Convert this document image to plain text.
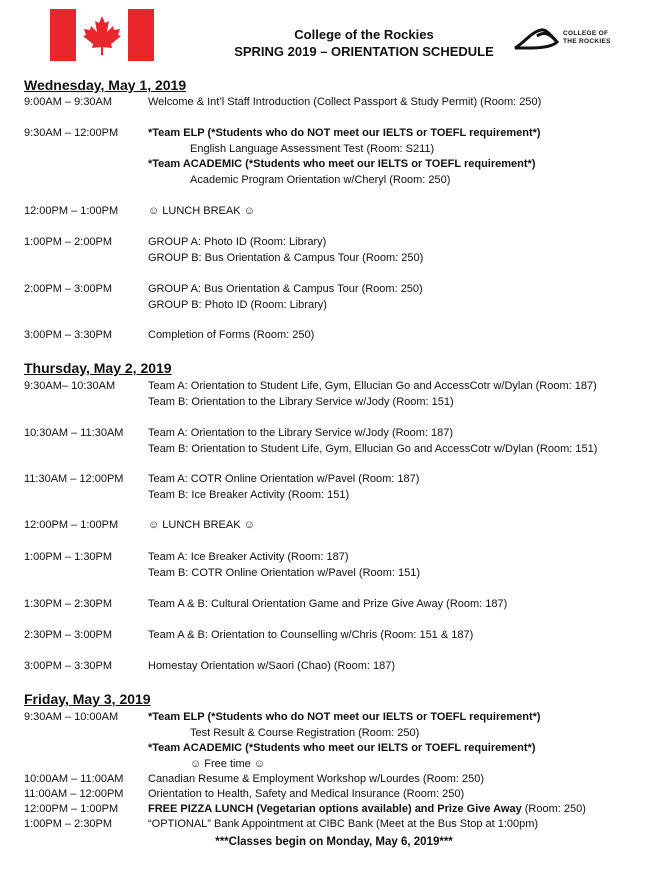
College of the Rockies
SPRING 2019 – ORIENTATION SCHEDULE
COLLEGE OF
THE ROCKIES
Wednesday, May 1, 2019
9:00AM – 9:30AM	Welcome & Int’l Staff Introduction (Collect Passport & Study Permit) (Room: 250)
9:30AM – 12:00PM	*Team ELP (*Students who do NOT meet our IELTS or TOEFL requirement*)
English Language Assessment Test (Room: S211)
*Team ACADEMIC (*Students who meet our IELTS or TOEFL requirement*)
Academic Program Orientation w/Cheryl (Room: 250)
12:00PM – 1:00PM	☺ LUNCH BREAK ☺
1:00PM – 2:00PM	GROUP A: Photo ID (Room: Library)
GROUP B: Bus Orientation & Campus Tour (Room: 250)
2:00PM – 3:00PM	GROUP A: Bus Orientation & Campus Tour (Room: 250)
GROUP B: Photo ID (Room: Library)
3:00PM – 3:30PM	Completion of Forms (Room: 250)
Thursday, May 2, 2019
9:30AM– 10:30AM	Team A: Orientation to Student Life, Gym, Ellucian Go and AccessCotr w/Dylan (Room: 187)
Team B: Orientation to the Library Service w/Jody (Room: 151)
10:30AM – 11:30AM Team A: Orientation to the Library Service w/Jody (Room: 187)
Team B: Orientation to Student Life, Gym, Ellucian Go and AccessCotr w/Dylan (Room: 151)
11:30AM – 12:00PM Team A: COTR Online Orientation w/Pavel (Room: 187)
Team B: Ice Breaker Activity (Room: 151)
12:00PM – 1:00PM	☺ LUNCH BREAK ☺
1:00PM – 1:30PM	Team A: Ice Breaker Activity (Room: 187)
Team B: COTR Online Orientation w/Pavel (Room: 151)
1:30PM – 2:30PM	Team A & B: Cultural Orientation Game and Prize Give Away (Room: 187)
2:30PM – 3:00PM	Team A & B: Orientation to Counselling w/Chris (Room: 151 & 187)
3:00PM – 3:30PM	Homestay Orientation w/Saori (Chao) (Room: 187)
Friday, May 3, 2019
9:30AM – 10:00AM	*Team ELP (*Students who do NOT meet our IELTS or TOEFL requirement*)
Test Result & Course Registration (Room: 250)
*Team ACADEMIC (*Students who meet our IELTS or TOEFL requirement*)
☺ Free time ☺
10:00AM – 11:00AM Canadian Resume & Employment Workshop w/Lourdes (Room: 250)
11:00AM – 12:00PM Orientation to Health, Safety and Medical Insurance (Room: 250)
12:00PM – 1:00PM	FREE PIZZA LUNCH (Vegetarian options available) and Prize Give Away (Room: 250)
1:00PM – 2:30PM	“OPTIONAL” Bank Appointment at CIBC Bank (Meet at the Bus Stop at 1:00pm)
***Classes begin on Monday, May 6, 2019***
